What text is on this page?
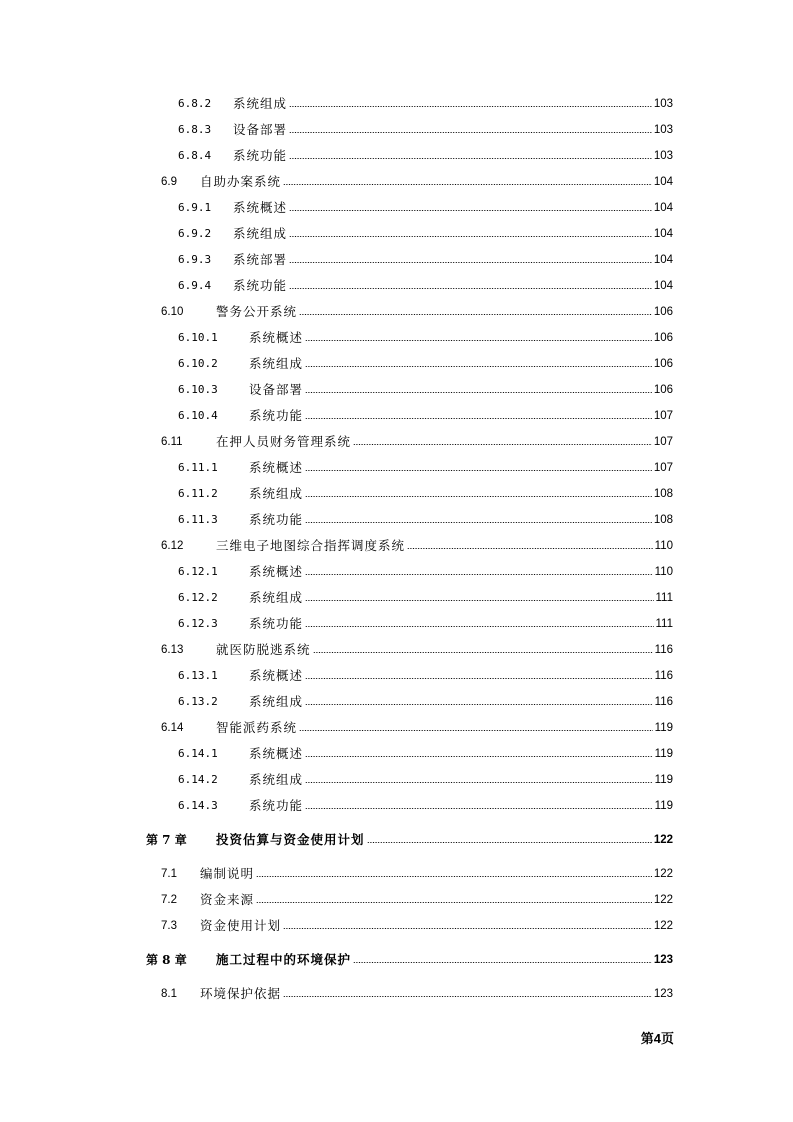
6.8.2	系统组成	103
6.8.3	设备部署	103
6.8.4	系统功能	103
6.9	自助办案系统	104
6.9.1	系统概述	104
6.9.2	系统组成	104
6.9.3	系统部署	104
6.9.4	系统功能	104
6.10	警务公开系统	106
6.10.1	系统概述	106
6.10.2	系统组成	106
6.10.3	设备部署	106
6.10.4	系统功能	107
6.11	在押人员财务管理系统	107
6.11.1	系统概述	107
6.11.2	系统组成	108
6.11.3	系统功能	108
6.12	三维电子地图综合指挥调度系统	110
6.12.1	系统概述	110
6.12.2	系统组成	111
6.12.3	系统功能	111
6.13	就医防脱逃系统	116
6.13.1	系统概述	116
6.13.2	系统组成	116
6.14	智能派药系统	119
6.14.1	系统概述	119
6.14.2	系统组成	119
6.14.3	系统功能	119
第 7 章	投资估算与资金使用计划	122
7.1	编制说明	122
7.2	资金来源	122
7.3	资金使用计划	122
第 8 章	施工过程中的环境保护	123
8.1	环境保护依据	123
第4页
